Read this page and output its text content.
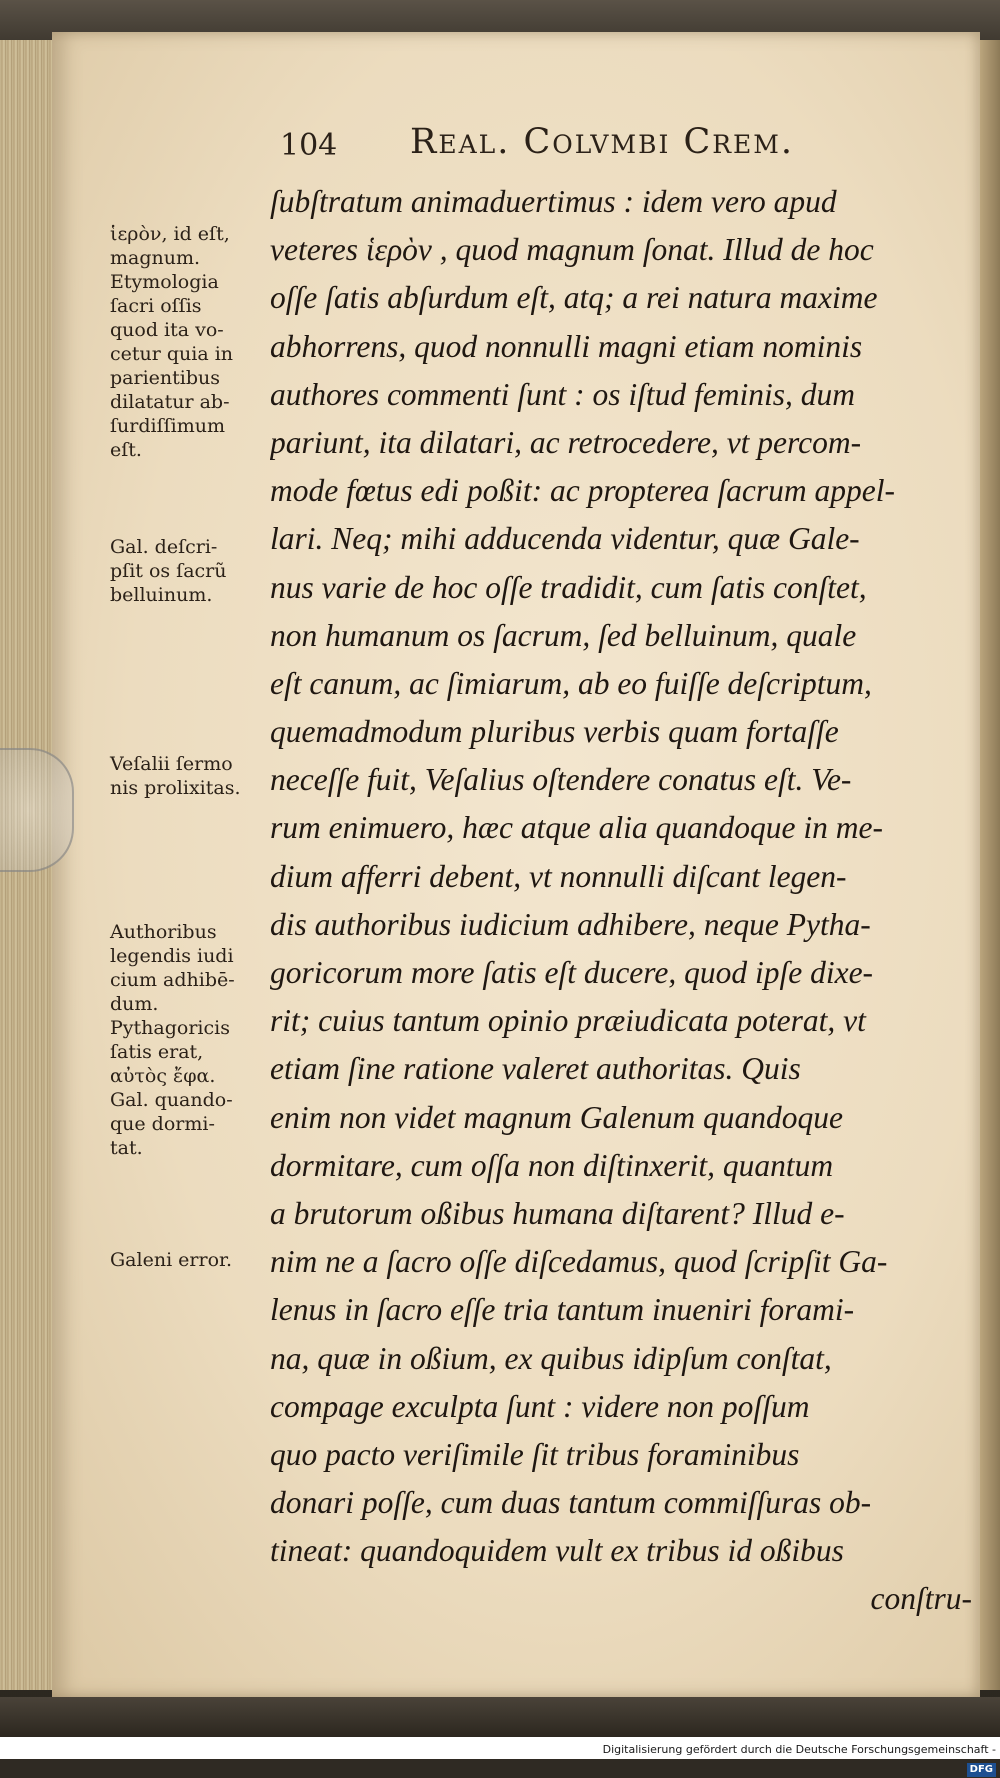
104 Real. Colvmbi Crem.
ſubſtratum animaduertimus : idem vero apud
veteres ἱερὸν , quod magnum ſonat. Illud de hoc
oſſe ſatis abſurdum eſt, atq; a rei natura maxime
abhorrens, quod nonnulli magni etiam nominis
authores commenti ſunt : os iſtud feminis, dum
pariunt, ita dilatari, ac retrocedere, vt percom-
mode fœtus edi poßit: ac propterea ſacrum appel-
lari. Neq; mihi adducenda videntur, quæ Gale-
nus varie de hoc oſſe tradidit, cum ſatis conſtet,
non humanum os ſacrum, ſed belluinum, quale
eſt canum, ac ſimiarum, ab eo fuiſſe deſcriptum,
quemadmodum pluribus verbis quam fortaſſe
neceſſe fuit, Veſalius oſtendere conatus eſt. Ve-
rum enimuero, hæc atque alia quandoque in me-
dium afferri debent, vt nonnulli diſcant legen-
dis authoribus iudicium adhibere, neque Pytha-
goricorum more ſatis eſt ducere, quod ipſe dixe-
rit; cuius tantum opinio præiudicata poterat, vt
etiam ſine ratione valeret authoritas. Quis
enim non videt magnum Galenum quandoque
dormitare, cum oſſa non diſtinxerit, quantum
a brutorum oßibus humana diſtarent? Illud e-
nim ne a ſacro oſſe diſcedamus, quod ſcripſit Ga-
lenus in ſacro eſſe tria tantum inueniri forami-
na, quæ in oßium, ex quibus idipſum conſtat,
compage exculpta ſunt : videre non poſſum
quo pacto veriſimile ſit tribus foraminibus
donari poſſe, cum duas tantum commiſſuras ob-
tineat: quandoquidem vult ex tribus id oßibus
conſtru-
ἱερὸν, id eſt,
magnum.
Etymologia
ſacri oſſis
quod ita vo-
cetur quia in
parientibus
dilatatur ab-
ſurdiſſimum
eſt.
Gal. deſcri-
pſit os ſacrũ
belluinum.
Veſalii ſermo
nis prolixitas.
Authoribus
legendis iudi
cium adhibē-
dum.
Pythagoricis
ſatis erat,
αὐτὸς ἔφα.
Gal. quando-
que dormi-
tat.
Galeni error.
Digitalisierung gefördert durch die Deutsche Forschungsgemeinschaft -DFG
